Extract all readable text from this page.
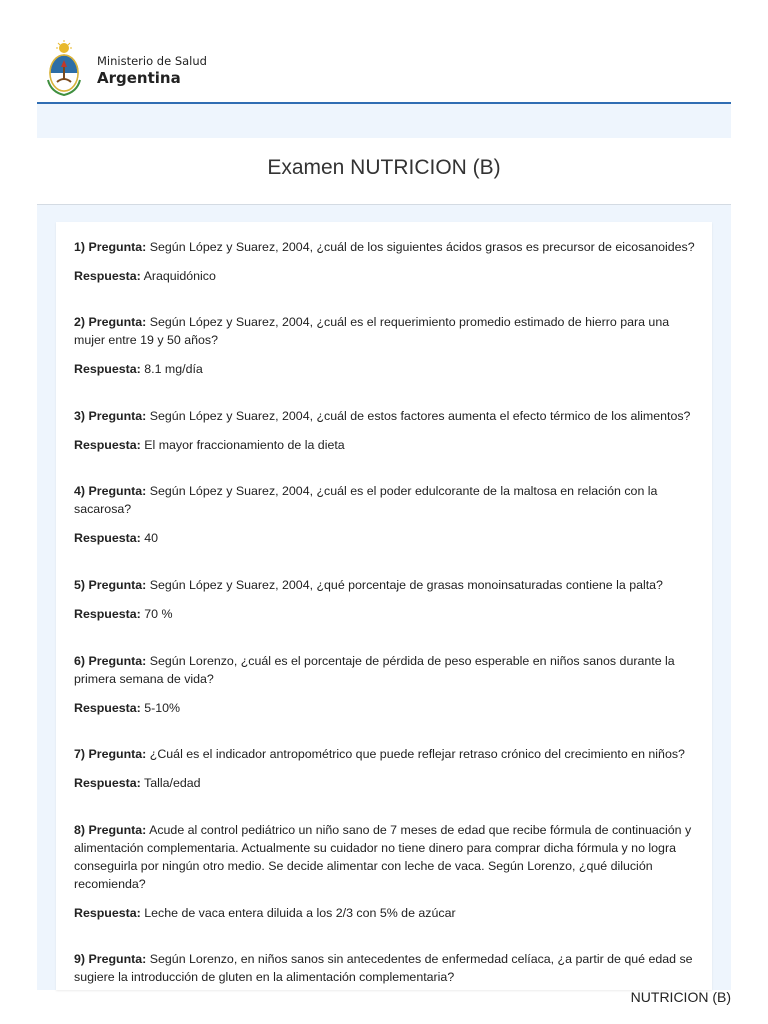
Ministerio de Salud
Argentina
Examen NUTRICION (B)

1) Pregunta: Según López y Suarez, 2004, ¿cuál de los siguientes ácidos grasos es precursor de eicosanoides?

Respuesta: Araquidónico

2) Pregunta: Según López y Suarez, 2004, ¿cuál es el requerimiento promedio estimado de hierro para una mujer entre 19 y 50 años?

Respuesta: 8.1 mg/día

3) Pregunta: Según López y Suarez, 2004, ¿cuál de estos factores aumenta el efecto térmico de los alimentos?

Respuesta: El mayor fraccionamiento de la dieta

4) Pregunta: Según López y Suarez, 2004, ¿cuál es el poder edulcorante de la maltosa en relación con la sacarosa?

Respuesta: 40

5) Pregunta: Según López y Suarez, 2004, ¿qué porcentaje de grasas monoinsaturadas contiene la palta?

Respuesta: 70 %

6) Pregunta: Según Lorenzo, ¿cuál es el porcentaje de pérdida de peso esperable en niños sanos durante la primera semana de vida?

Respuesta: 5-10%

7) Pregunta: ¿Cuál es el indicador antropométrico que puede reflejar retraso crónico del crecimiento en niños?

Respuesta: Talla/edad

8) Pregunta: Acude al control pediátrico un niño sano de 7 meses de edad que recibe fórmula de continuación y alimentación complementaria. Actualmente su cuidador no tiene dinero para comprar dicha fórmula y no logra conseguirla por ningún otro medio. Se decide alimentar con leche de vaca. Según Lorenzo, ¿qué dilución recomienda?

Respuesta: Leche de vaca entera diluida a los 2/3 con 5% de azúcar

9) Pregunta: Según Lorenzo, en niños sanos sin antecedentes de enfermedad celíaca, ¿a partir de qué edad se sugiere la introducción de gluten en la alimentación complementaria?

NUTRICION (B)
